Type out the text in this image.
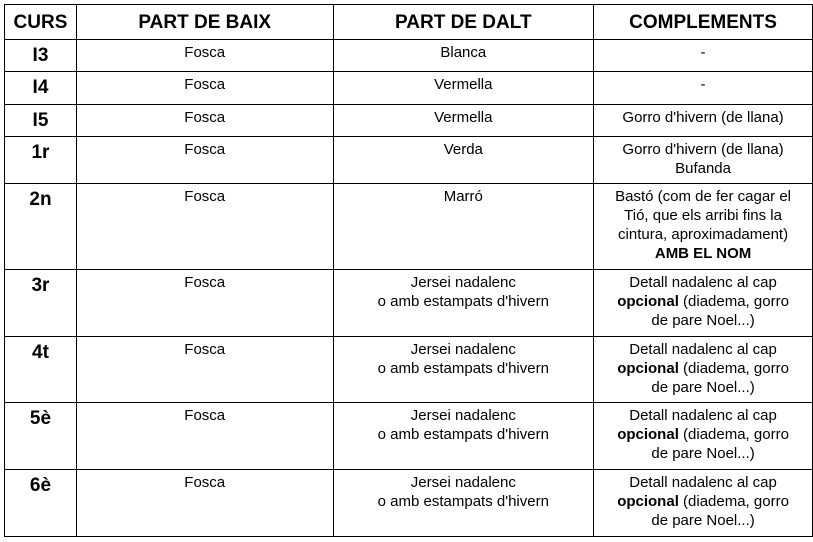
CURS	PART DE BAIX	PART DE DALT	COMPLEMENTS
I3	Fosca	Blanca	-

I4	Fosca	Vermella	-

I5	Fosca	Vermella	Gorro d'hivern (de llana)

1r	Fosca	Verda	Gorro d'hivern (de llana)
Bufanda

2n	Fosca	Marró	Bastó (com de fer cagar el
Tió, que els arribi fins la
cintura, aproximadament)
AMB EL NOM

3r	Fosca	Jersei nadalenc
o amb estampats d'hivern	Detall nadalenc al cap
opcional (diadema, gorro
de pare Noel...)

4t	Fosca	Jersei nadalenc
o amb estampats d'hivern	Detall nadalenc al cap
opcional (diadema, gorro
de pare Noel...)

5è	Fosca	Jersei nadalenc
o amb estampats d'hivern	Detall nadalenc al cap
opcional (diadema, gorro
de pare Noel...)

6è	Fosca	Jersei nadalenc
o amb estampats d'hivern	Detall nadalenc al cap
opcional (diadema, gorro
de pare Noel...)
